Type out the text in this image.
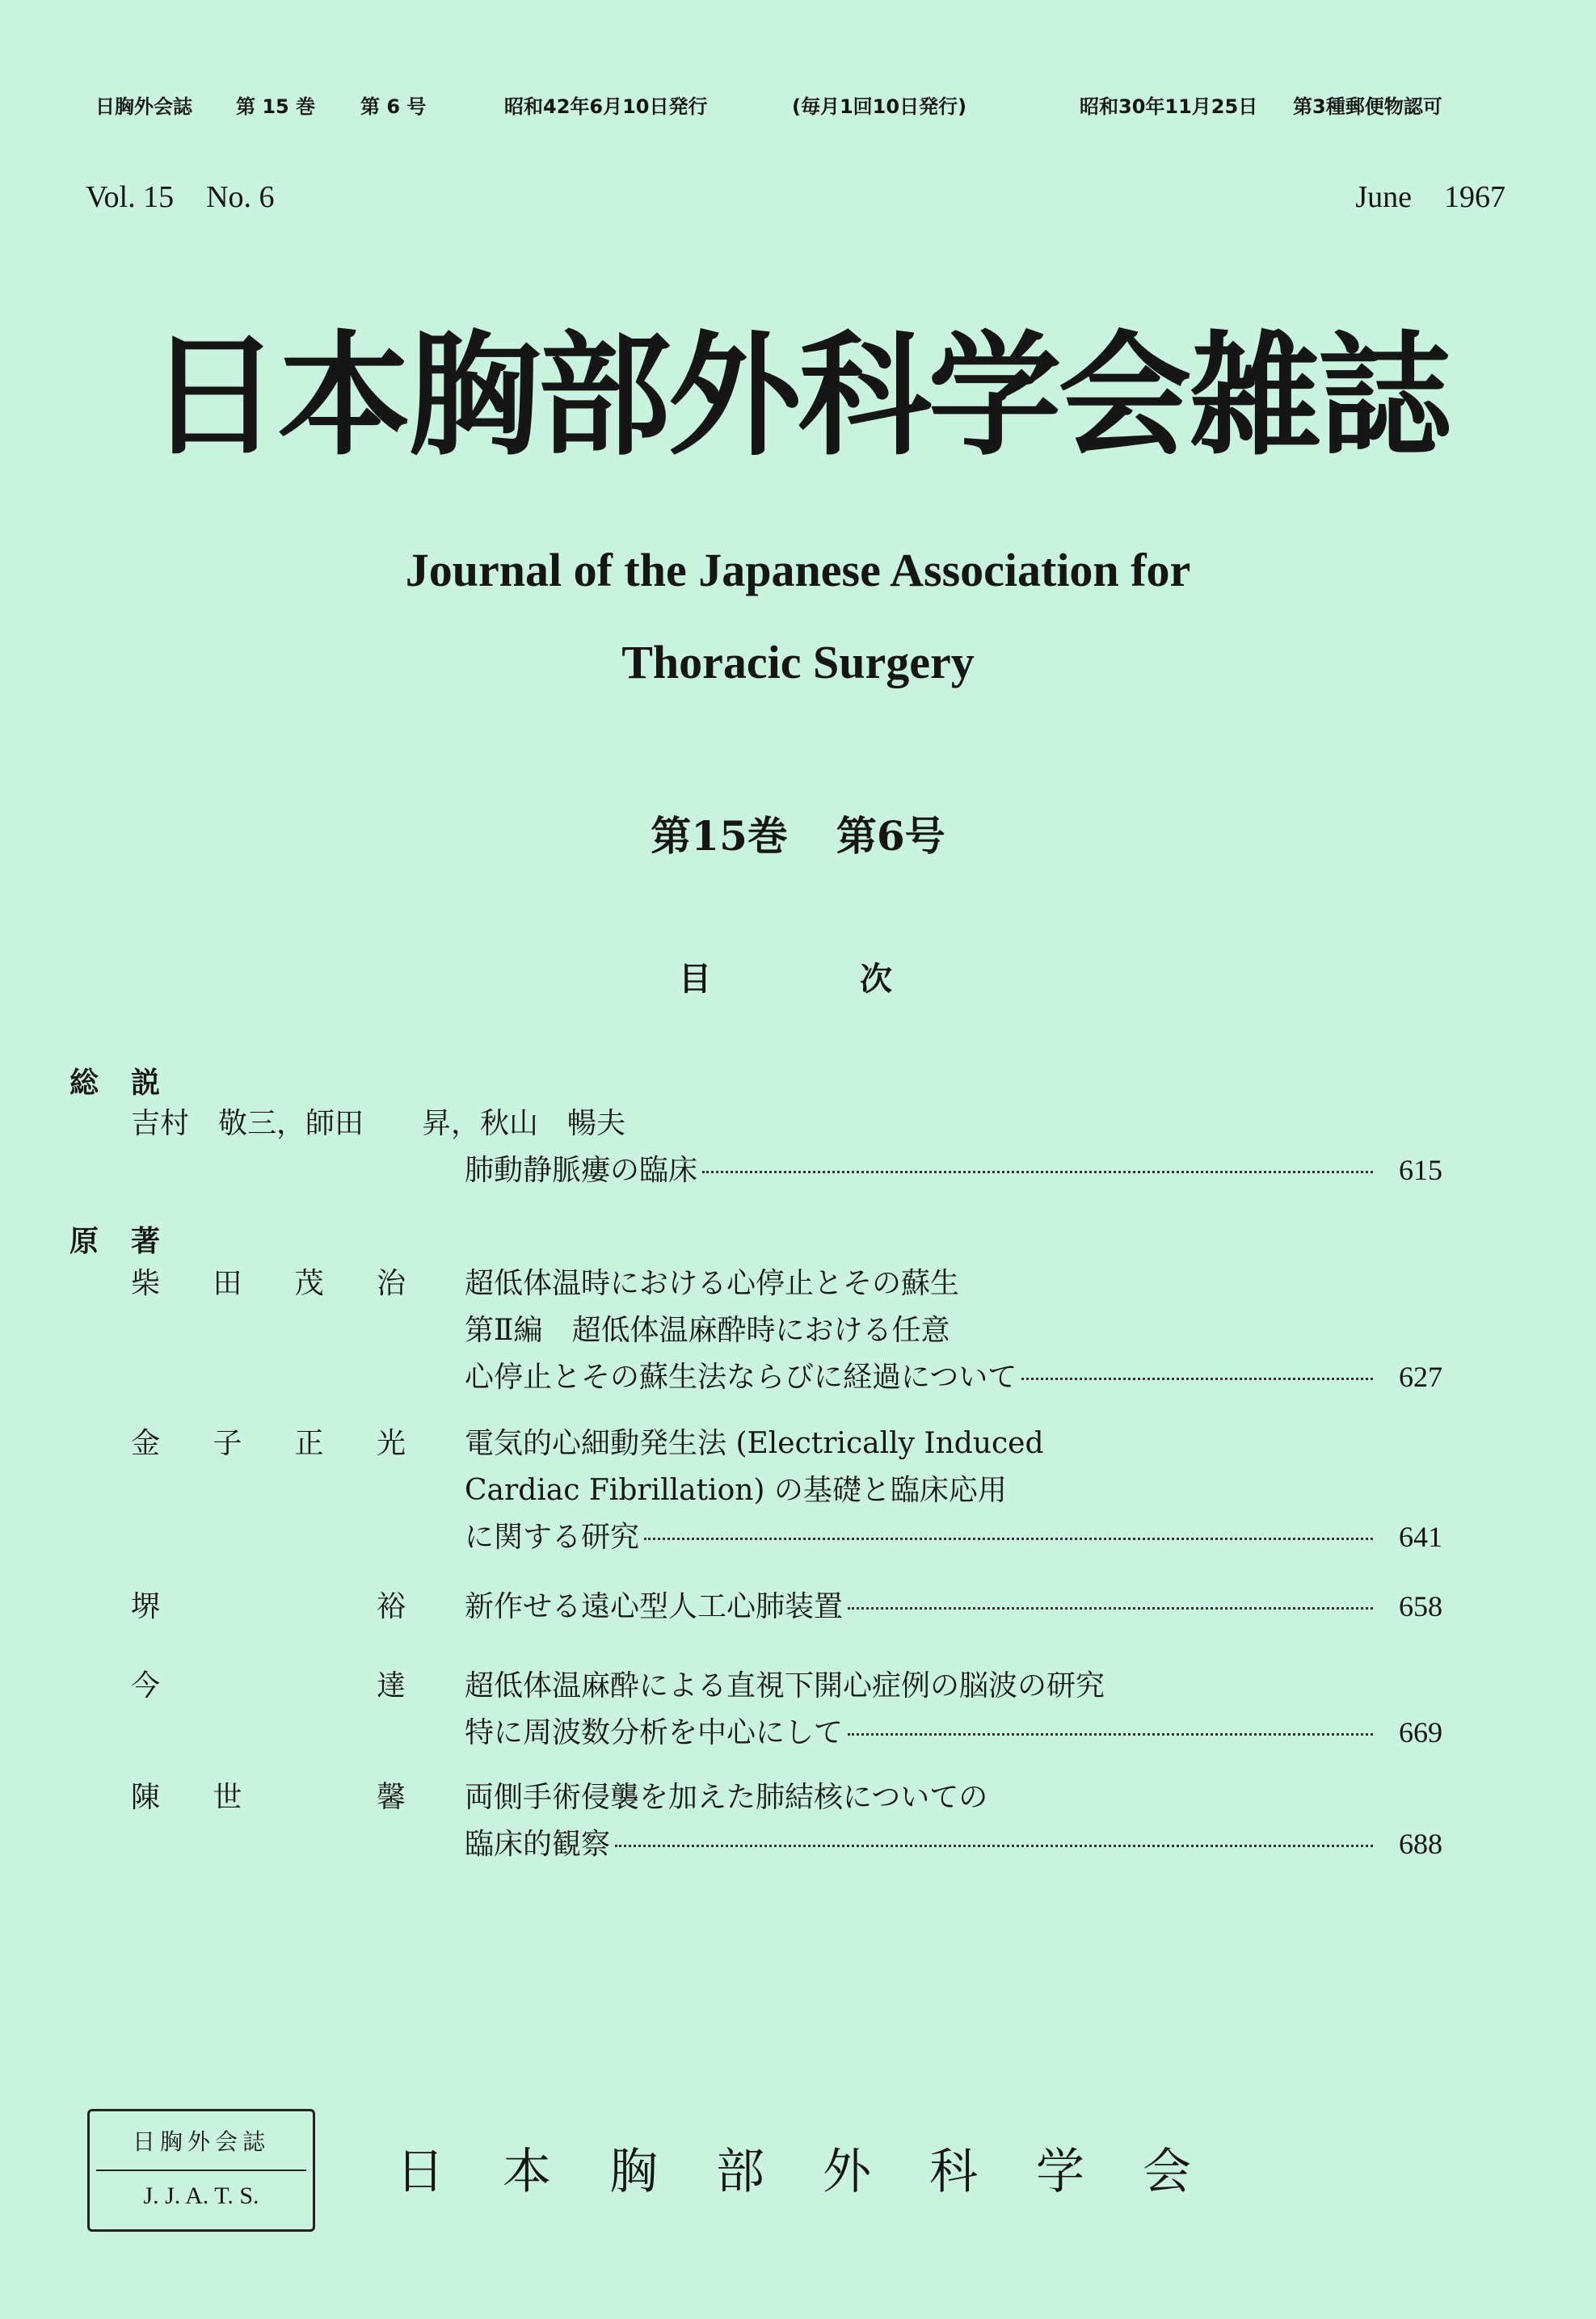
日胸外会誌 第 15 巻 第 6 号	昭和42年6月10日発行	(毎月1回10日発行)	昭和30年11月25日 第3種郵便物認可
Vol. 15 No. 6	June 1967
日本胸部外科学会雑誌
Journal of the Japanese Association for
Thoracic Surgery
第15巻 第6号
目	次
総説
吉村　敬三，師田　　昇，秋山　暢夫
肺動静脈瘻の臨床	615
原著
柴 田 茂 治 超低体温時における心停止とその蘇生
第Ⅱ編　超低体温麻酔時における任意
心停止とその蘇生法ならびに経過について	627
金 子 正 光 電気的心細動発生法 (Electrically Induced
Cardiac Fibrillation) の基礎と臨床応用
に関する研究	641
堺	裕 新作せる遠心型人工心肺装置	658
今	達 超低体温麻酔による直視下開心症例の脳波の研究
特に周波数分析を中心にして	669
陳 世	馨 両側手術侵襲を加えた肺結核についての
臨床的観察	688
日胸外会誌
J. J. A. T. S.	日本胸部外科学会
